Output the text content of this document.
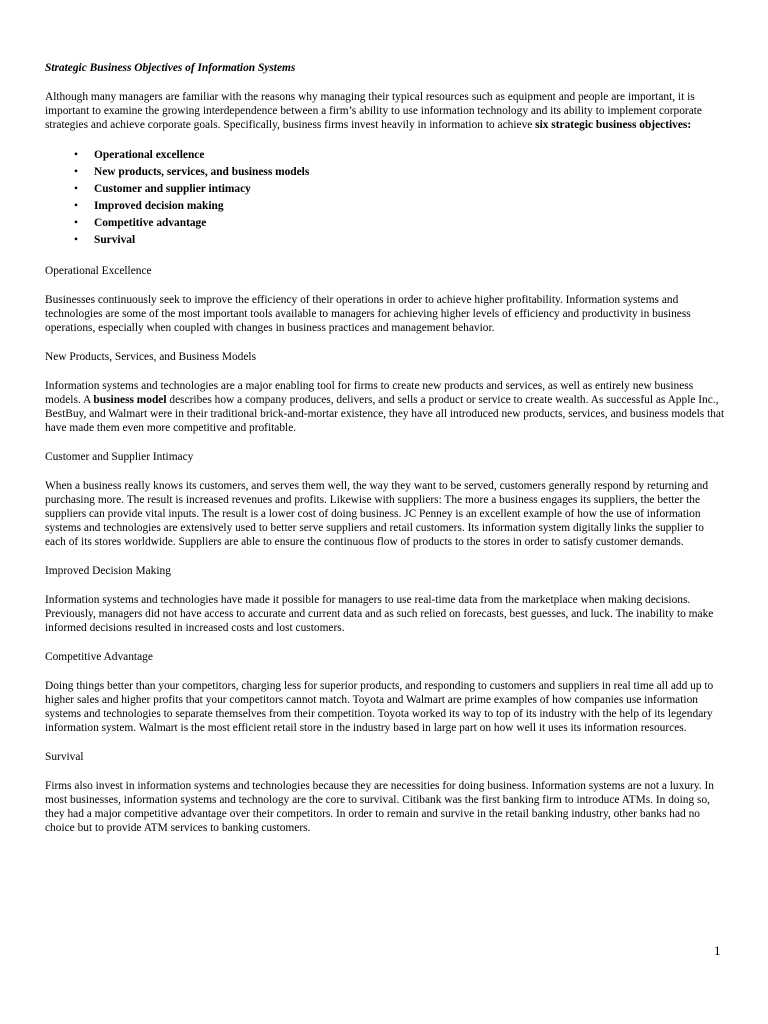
Strategic Business Objectives of Information Systems

Although many managers are familiar with the reasons why managing their typical resources such as equipment and people are important, it is important to examine the growing interdependence between a firm’s ability to use information technology and its ability to implement corporate strategies and achieve corporate goals. Specifically, business firms invest heavily in information to achieve six strategic business objectives:

• Operational excellence
• New products, services, and business models
• Customer and supplier intimacy
• Improved decision making
• Competitive advantage
• Survival
Operational Excellence

Businesses continuously seek to improve the efficiency of their operations in order to achieve higher profitability. Information systems and technologies are some of the most important tools available to managers for achieving higher levels of efficiency and productivity in business operations, especially when coupled with changes in business practices and management behavior.

New Products, Services, and Business Models

Information systems and technologies are a major enabling tool for firms to create new products and services, as well as entirely new business models. A business model describes how a company produces, delivers, and sells a product or service to create wealth. As successful as Apple Inc., BestBuy, and Walmart were in their traditional brick-and-mortar existence, they have all introduced new products, services, and business models that have made them even more competitive and profitable.

Customer and Supplier Intimacy

When a business really knows its customers, and serves them well, the way they want to be served, customers generally respond by returning and purchasing more. The result is increased revenues and profits. Likewise with suppliers: The more a business engages its suppliers, the better the suppliers can provide vital inputs. The result is a lower cost of doing business. JC Penney is an excellent example of how the use of information systems and technologies are extensively used to better serve suppliers and retail customers. Its information system digitally links the supplier to each of its stores worldwide. Suppliers are able to ensure the continuous flow of products to the stores in order to satisfy customer demands.

Improved Decision Making

Information systems and technologies have made it possible for managers to use real-time data from the marketplace when making decisions. Previously, managers did not have access to accurate and current data and as such relied on forecasts, best guesses, and luck. The inability to make informed decisions resulted in increased costs and lost customers.

Competitive Advantage

Doing things better than your competitors, charging less for superior products, and responding to customers and suppliers in real time all add up to higher sales and higher profits that your competitors cannot match. Toyota and Walmart are prime examples of how companies use information systems and technologies to separate themselves from their competition. Toyota worked its way to top of its industry with the help of its legendary information system. Walmart is the most efficient retail store in the industry based in large part on how well it uses its information resources.

Survival

Firms also invest in information systems and technologies because they are necessities for doing business. Information systems are not a luxury. In most businesses, information systems and technology are the core to survival. Citibank was the first banking firm to introduce ATMs. In doing so, they had a major competitive advantage over their competitors. In order to remain and survive in the retail banking industry, other banks had no choice but to provide ATM services to banking customers.

1
